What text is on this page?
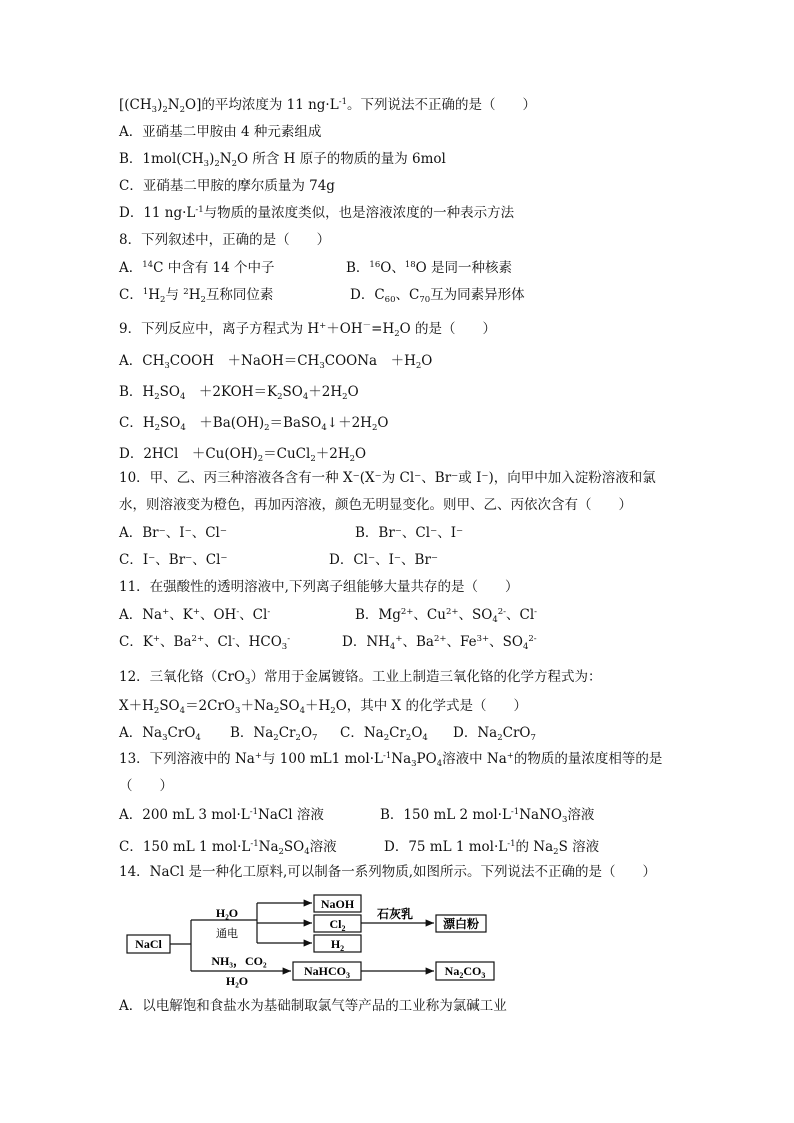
$[(CH_3)_2N_2O]$的平均浓度为 11 $ng\cdot L^{-1}$。下列说法不正确的是（　　）
A．亚硝基二甲胺由 4 种元素组成
B．$1mol(CH_3)_2N_2O$ 所含 H 原子的物质的量为 6mol
C．亚硝基二甲胺的摩尔质量为 74g
D．11 $ng\cdot L^{-1}$与物质的量浓度类似，也是溶液浓度的一种表示方法
8．下列叙述中，正确的是（　　）
A．$^{14}$C 中含有 14 个中子	B．$^{16}$O、$^{18}$O 是同一种核素
C．$^1H_2$与 $^2H_2$互称同位素	D．$C_{60}$、$C_{70}$互为同素异形体
9．下列反应中，离子方程式为 $H^++OH^-=H_2O$ 的是（　　）
A．$CH_3COOH$　$+NaOH=CH_3COONa$　$+H_2O$
B．$H_2SO_4$　$+2KOH=K_2SO_4+2H_2O$
C．$H_2SO_4$　$+Ba(OH)_2=BaSO_4↓+2H_2O$
D．2HCl　$+Cu(OH)_2=CuCl_2+2H_2O$
10．甲、乙、丙三种溶液各含有一种 X⁻(X⁻为 Cl⁻、Br⁻或 I⁻)，向甲中加入淀粉溶液和氯
水，则溶液变为橙色，再加丙溶液，颜色无明显变化。则甲、乙、丙依次含有（　　）
A．Br⁻、I⁻、Cl⁻	B．Br⁻、Cl⁻、I⁻
C．I⁻、Br⁻、Cl⁻	D．Cl⁻、I⁻、Br⁻
11．在强酸性的透明溶液中,下列离子组能够大量共存的是（　　）
A．Na+、K+、OH-、Cl-	B．$Mg^{2+}$、$Cu^{2+}$、$SO_4^{2-}$、Cl-
C．K+、$Ba^{2+}$、Cl-、$HCO_3^-$	D．$NH_4^+$、$Ba^{2+}$、$Fe^{3+}$、$SO_4^{2-}$
12．三氧化铬（CrO$_3$）常用于金属镀铬。工业上制造三氧化铬的化学方程式为：
$X+H_2SO_4=2CrO_3+Na_2SO_4+H_2O$，其中 X 的化学式是（　　）
A．$Na_3CrO_4$ B．$Na_2Cr_2O_7$ C．$Na_2Cr_2O_4$ D．$Na_2CrO_7$
13．下列溶液中的 Na+与 100 mL1 $mol\cdot L^{-1}Na_3PO_4$溶液中 Na+的物质的量浓度相等的是
（　　）
A．200 mL 3 $mol\cdot L^{-1}NaCl$ 溶液	B．150 mL 2 $mol\cdot L^{-1}NaNO_3$溶液
C．150 mL 1 $mol\cdot L^{-1}Na_2SO_4$溶液	D．75 mL 1 $mol\cdot L^{-1}$的 $Na_2S$ 溶液
14．NaCl 是一种化工原料,可以制备一系列物质,如图所示。下列说法不正确的是（　　）
NaCl
H₂O
通电
NaOH
$Cl_2$
$H_2$
石灰乳
漂白粉
NH₃，CO₂
H₂O
NaHCO$_3$	$Na_2CO_3$
A．以电解饱和食盐水为基础制取氯气等产品的工业称为氯碱工业
